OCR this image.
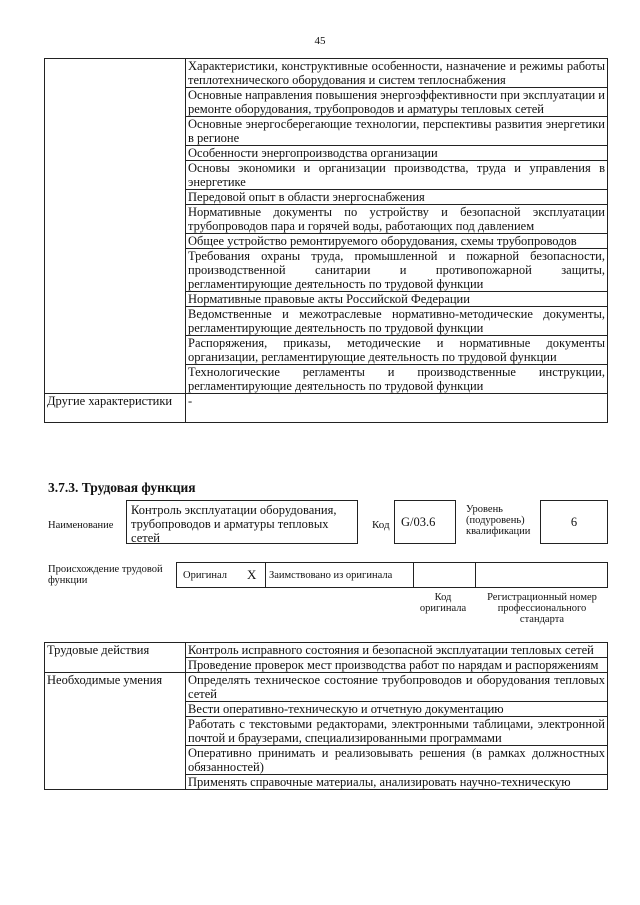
45
	Характеристики, конструктивные особенности, назначение и режимы работы теплотехнического оборудования и систем теплоснабжения
	Основные направления повышения энергоэффективности при эксплуатации и ремонте оборудования, трубопроводов и арматуры тепловых сетей
	Основные энергосберегающие технологии, перспективы развития энергетики в регионе
	Особенности энергопроизводства организации
	Основы экономики и организации производства, труда и управления в энергетике
	Передовой опыт в области энергоснабжения
	Нормативные документы по устройству и безопасной эксплуатации трубопроводов пара и горячей воды, работающих под давлением
	Общее устройство ремонтируемого оборудования, схемы трубопроводов
	Требования охраны труда, промышленной и пожарной безопасности, производственной санитарии и противопожарной защиты, регламентирующие деятельность по трудовой функции
	Нормативные правовые акты Российской Федерации
	Ведомственные и межотраслевые нормативно-методические документы, регламентирующие деятельность по трудовой функции
	Распоряжения, приказы, методические и нормативные документы организации, регламентирующие деятельность по трудовой функции
	Технологические регламенты и производственные инструкции, регламентирующие деятельность по трудовой функции
Другие характеристики	-
3.7.3. Трудовая функция
Наименование
Контроль эксплуатации оборудования, трубопроводов и арматуры тепловых сетей
Код G/03.6
Уровень (подуровень) квалификации
6
Происхождение трудовой функции	Оригинал X Заимствовано из оригинала
Код оригинала
Регистрационный номер профессионального стандарта
Трудовые действия	Контроль исправного состояния и безопасной эксплуатации тепловых сетей
	Проведение проверок мест производства работ по нарядам и распоряжениям
Необходимые умения	Определять техническое состояние трубопроводов и оборудования тепловых сетей
	Вести оперативно-техническую и отчетную документацию
	Работать с текстовыми редакторами, электронными таблицами, электронной почтой и браузерами, специализированными программами
	Оперативно принимать и реализовывать решения (в рамках должностных обязанностей)
	Применять справочные материалы, анализировать научно-техническую
